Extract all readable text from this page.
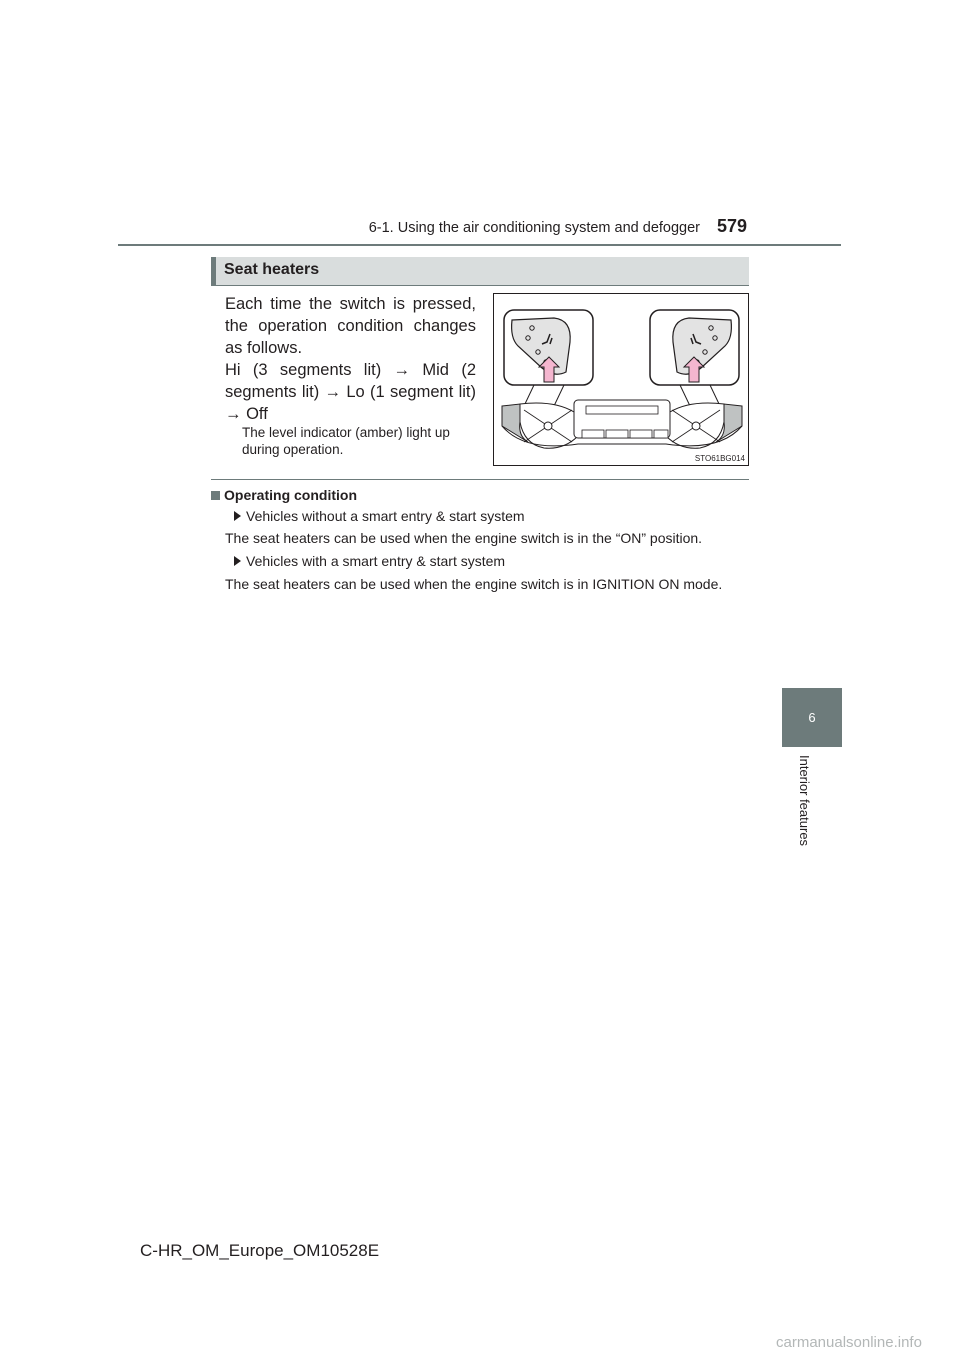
6-1. Using the air conditioning system and defogger 579
6
Interior features
Seat heaters

Each time the switch is pressed, the operation condition changes as follows.

Hi (3 segments lit) → Mid (2 segments lit) → Lo (1 segment lit) → Off

The level indicator (amber) light up during operation.
STO61BG014
Operating condition
Vehicles without a smart entry & start system
The seat heaters can be used when the engine switch is in the “ON” position.
Vehicles with a smart entry & start system
The seat heaters can be used when the engine switch is in IGNITION ON mode.
C-HR_OM_Europe_OM10528E
carmanualsonline.info
